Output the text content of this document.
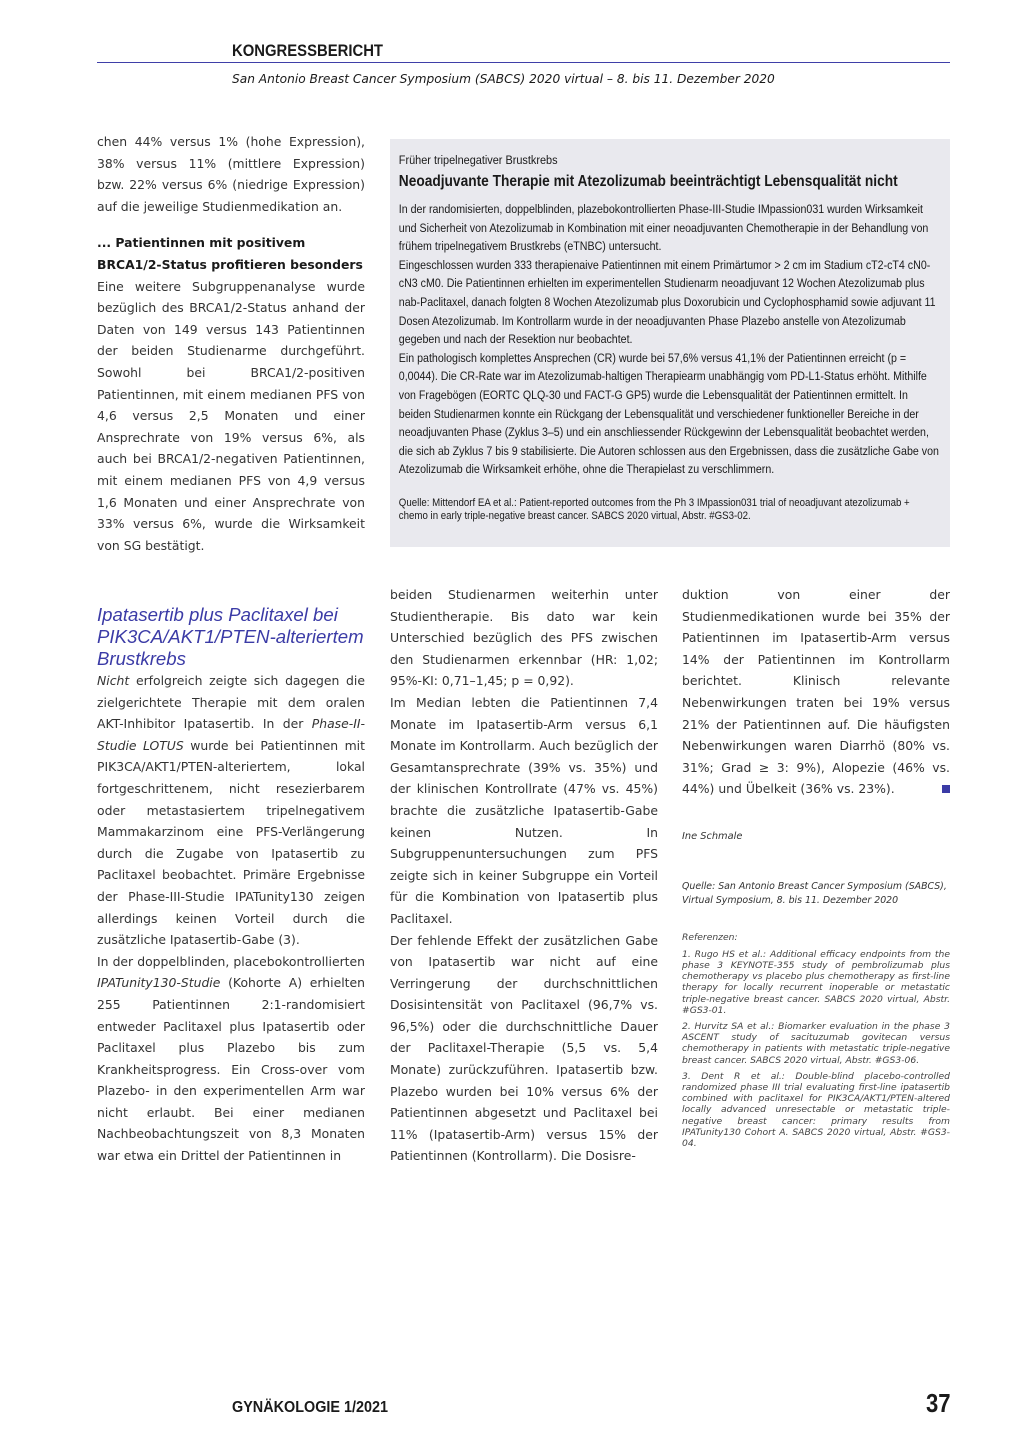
KONGRESSBERICHT
San Antonio Breast Cancer Symposium (SABCS) 2020 virtual – 8. bis 11. Dezember 2020

chen 44% versus 1% (hohe Expression), 38% versus 11% (mittlere Expression) bzw. 22% versus 6% (niedrige Expression) auf die jeweilige Studienmedikation an.

... Patientinnen mit positivem BRCA1/2-Status profitieren besonders

Eine weitere Subgruppenanalyse wurde bezüglich des BRCA1/2-Status anhand der Daten von 149 versus 143 Patientinnen der beiden Studienarme durchgeführt. Sowohl bei BRCA1/2-positiven Patientinnen, mit einem medianen PFS von 4,6 versus 2,5 Monaten und einer Ansprechrate von 19% versus 6%, als auch bei BRCA1/2-negativen Patientinnen, mit einem medianen PFS von 4,9 versus 1,6 Monaten und einer Ansprechrate von 33% versus 6%, wurde die Wirksamkeit von SG bestätigt.

Ipatasertib plus Paclitaxel bei PIK3CA/AKT1/PTEN-alteriertem Brustkrebs

Nicht erfolgreich zeigte sich dagegen die zielgerichtete Therapie mit dem oralen AKT-Inhibitor Ipatasertib. In der Phase-II-Studie LOTUS wurde bei Patientinnen mit PIK3CA/AKT1/PTEN-alteriertem, lokal fortgeschrittenem, nicht resezierbarem oder metastasiertem tripelnegativem Mammakarzinom eine PFS-Verlängerung durch die Zugabe von Ipatasertib zu Paclitaxel beobachtet. Primäre Ergebnisse der Phase-III-Studie IPATunity130 zeigen allerdings keinen Vorteil durch die zusätzliche Ipatasertib-Gabe (3).

In der doppelblinden, placebokontrollierten IPATunity130-Studie (Kohorte A) erhielten 255 Patientinnen 2:1-randomisiert entweder Paclitaxel plus Ipatasertib oder Paclitaxel plus Plazebo bis zum Krankheitsprogress. Ein Cross-over vom Plazebo- in den experimentellen Arm war nicht erlaubt. Bei einer medianen Nachbeobachtungszeit von 8,3 Monaten war etwa ein Drittel der Patientinnen in

Früher tripelnegativer Brustkrebs
Neoadjuvante Therapie mit Atezolizumab beeinträchtigt Lebensqualität nicht

In der randomisierten, doppelblinden, plazebokontrollierten Phase-III-Studie IMpassion031 wurden Wirksamkeit und Sicherheit von Atezolizumab in Kombination mit einer neoadjuvanten Chemotherapie in der Behandlung von frühem tripelnegativem Brustkrebs (eTNBC) untersucht.

Eingeschlossen wurden 333 therapienaive Patientinnen mit einem Primärtumor > 2 cm im Stadium cT2-cT4 cN0-cN3 cM0. Die Patientinnen erhielten im experimentellen Studienarm neoadjuvant 12 Wochen Atezolizumab plus nab-Paclitaxel, danach folgten 8 Wochen Atezolizumab plus Doxorubicin und Cyclophosphamid sowie adjuvant 11 Dosen Atezolizumab. Im Kontrollarm wurde in der neoadjuvanten Phase Plazebo anstelle von Atezolizumab gegeben und nach der Resektion nur beobachtet.

Ein pathologisch komplettes Ansprechen (CR) wurde bei 57,6% versus 41,1% der Patientinnen erreicht (p = 0,0044). Die CR-Rate war im Atezolizumab-haltigen Therapiearm unabhängig vom PD-L1-Status erhöht. Mithilfe von Fragebögen (EORTC QLQ-30 und FACT-G GP5) wurde die Lebensqualität der Patientinnen ermittelt. In beiden Studienarmen konnte ein Rückgang der Lebensqualität und verschiedener funktioneller Bereiche in der neoadjuvanten Phase (Zyklus 3–5) und ein anschliessender Rückgewinn der Lebensqualität beobachtet werden, die sich ab Zyklus 7 bis 9 stabilisierte. Die Autoren schlossen aus den Ergebnissen, dass die zusätzliche Gabe von Atezolizumab die Wirksamkeit erhöhe, ohne die Therapielast zu verschlimmern.

Quelle: Mittendorf EA et al.: Patient-reported outcomes from the Ph 3 IMpassion031 trial of neoadjuvant atezolizumab + chemo in early triple-negative breast cancer. SABCS 2020 virtual, Abstr. #GS3-02.

beiden Studienarmen weiterhin unter Studientherapie. Bis dato war kein Unterschied bezüglich des PFS zwischen den Studienarmen erkennbar (HR: 1,02; 95%-KI: 0,71–1,45; p = 0,92).

Im Median lebten die Patientinnen 7,4 Monate im Ipatasertib-Arm versus 6,1 Monate im Kontrollarm. Auch bezüglich der Gesamtansprechrate (39% vs. 35%) und der klinischen Kontrollrate (47% vs. 45%) brachte die zusätzliche Ipatasertib-Gabe keinen Nutzen. In Subgruppenuntersuchungen zum PFS zeigte sich in keiner Subgruppe ein Vorteil für die Kombination von Ipatasertib plus Paclitaxel.

Der fehlende Effekt der zusätzlichen Gabe von Ipatasertib war nicht auf eine Verringerung der durchschnittlichen Dosisintensität von Paclitaxel (96,7% vs. 96,5%) oder die durchschnittliche Dauer der Paclitaxel-Therapie (5,5 vs. 5,4 Monate) zurückzuführen. Ipatasertib bzw. Plazebo wurden bei 10% versus 6% der Patientinnen abgesetzt und Paclitaxel bei 11% (Ipatasertib-Arm) versus 15% der Patientinnen (Kontrollarm). Die Dosisre-

duktion von einer der Studienmedikationen wurde bei 35% der Patientinnen im Ipatasertib-Arm versus 14% der Patientinnen im Kontrollarm berichtet. Klinisch relevante Nebenwirkungen traten bei 19% versus 21% der Patientinnen auf. Die häufigsten Nebenwirkungen waren Diarrhö (80% vs. 31%; Grad ≥ 3: 9%), Alopezie (46% vs. 44%) und Übelkeit (36% vs. 23%).

Ine Schmale

Quelle: San Antonio Breast Cancer Symposium (SABCS), Virtual Symposium, 8. bis 11. Dezember 2020

Referenzen:
1. Rugo HS et al.: Additional efficacy endpoints from the phase 3 KEYNOTE-355 study of pembrolizumab plus chemotherapy vs placebo plus chemotherapy as first-line therapy for locally recurrent inoperable or metastatic triple-negative breast cancer. SABCS 2020 virtual, Abstr. #GS3-01.
2. Hurvitz SA et al.: Biomarker evaluation in the phase 3 ASCENT study of sacituzumab govitecan versus chemotherapy in patients with metastatic triple-negative breast cancer. SABCS 2020 virtual, Abstr. #GS3-06.
3. Dent R et al.: Double-blind placebo-controlled randomized phase III trial evaluating first-line ipatasertib combined with paclitaxel for PIK3CA/AKT1/PTEN-altered locally advanced unresectable or metastatic triple-negative breast cancer: primary results from IPATunity130 Cohort A. SABCS 2020 virtual, Abstr. #GS3-04.
GYNÄKOLOGIE 1/2021	37
